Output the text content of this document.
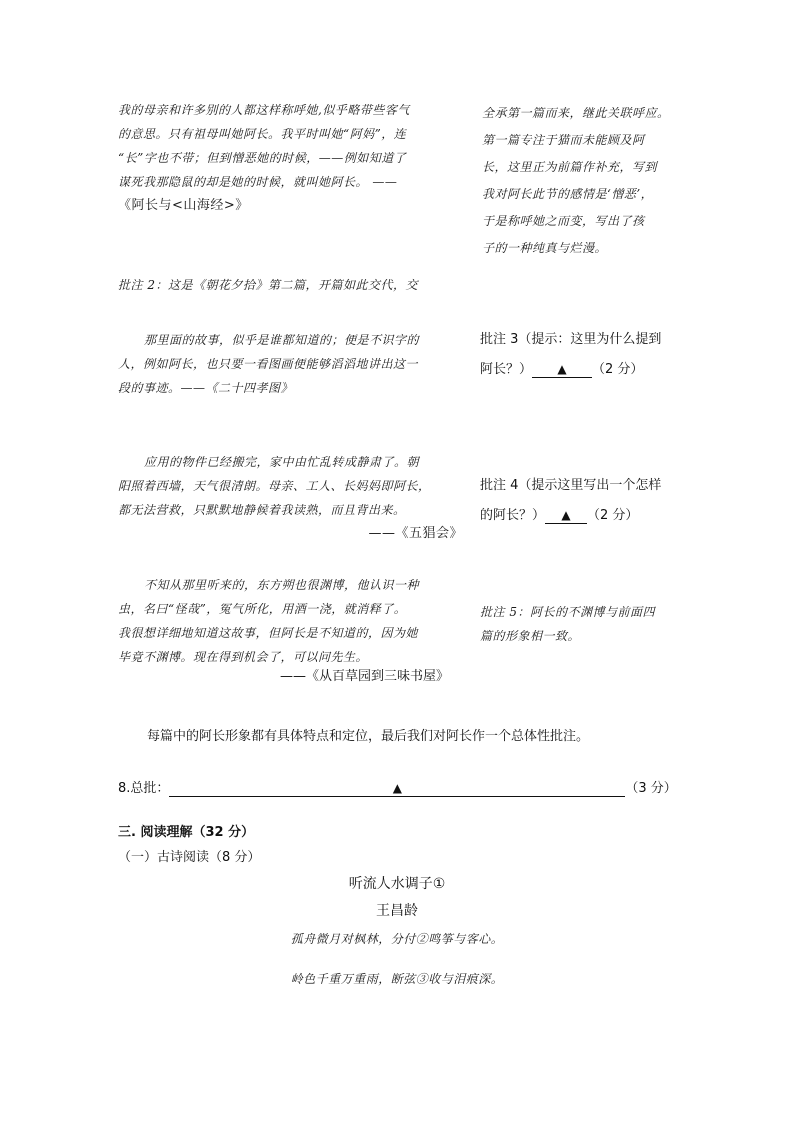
我的母亲和许多别的人都这样称呼她,似乎略带些客气
的意思。只有祖母叫她阿长。我平时叫她“阿妈”，连
“长”字也不带；但到憎恶她的时候，——例如知道了
谋死我那隐鼠的却是她的时候，就叫她阿长。 ——
《阿长与<山海经>》
全承第一篇而来，继此关联呼应。
第一篇专注于猫而未能顾及阿
长，这里正为前篇作补充，写到
我对阿长此节的感情是‘憎恶’，
于是称呼她之而变，写出了孩
子的一种纯真与烂漫。
批注 2：这是《朝花夕拾》第二篇，开篇如此交代，交
那里面的故事，似乎是谁都知道的；便是不识字的
人，例如阿长，也只要一看图画便能够滔滔地讲出这一
段的事迹。——《二十四孝图》
批注 3（提示：这里为什么提到
阿长？） ▲ （2 分）
应用的物件已经搬完，家中由忙乱转成静肃了。朝
阳照着西墙，天气很清朗。母亲、工人、长妈妈即阿长，
都无法营救，只默默地静候着我读熟，而且背出来。
——《五猖会》
批注 4（提示这里写出一个怎样
的阿长？） ▲ （2 分）
不知从那里听来的，东方朔也很渊博，他认识一种
虫，名曰“怪哉”，冤气所化，用酒一浇，就消释了。
我很想详细地知道这故事，但阿长是不知道的，因为她
毕竟不渊博。现在得到机会了，可以问先生。
——《从百草园到三味书屋》
批注 5：阿长的不渊博与前面四
篇的形象相一致。
每篇中的阿长形象都有具体特点和定位，最后我们对阿长作一个总体性批注。
8.总批：	▲	（3 分）
三. 阅读理解（32 分）
（一）古诗阅读（8 分）
听流人水调子①
王昌龄
孤舟微月对枫林，分付②鸣筝与客心。
岭色千重万重雨，断弦③收与泪痕深。
